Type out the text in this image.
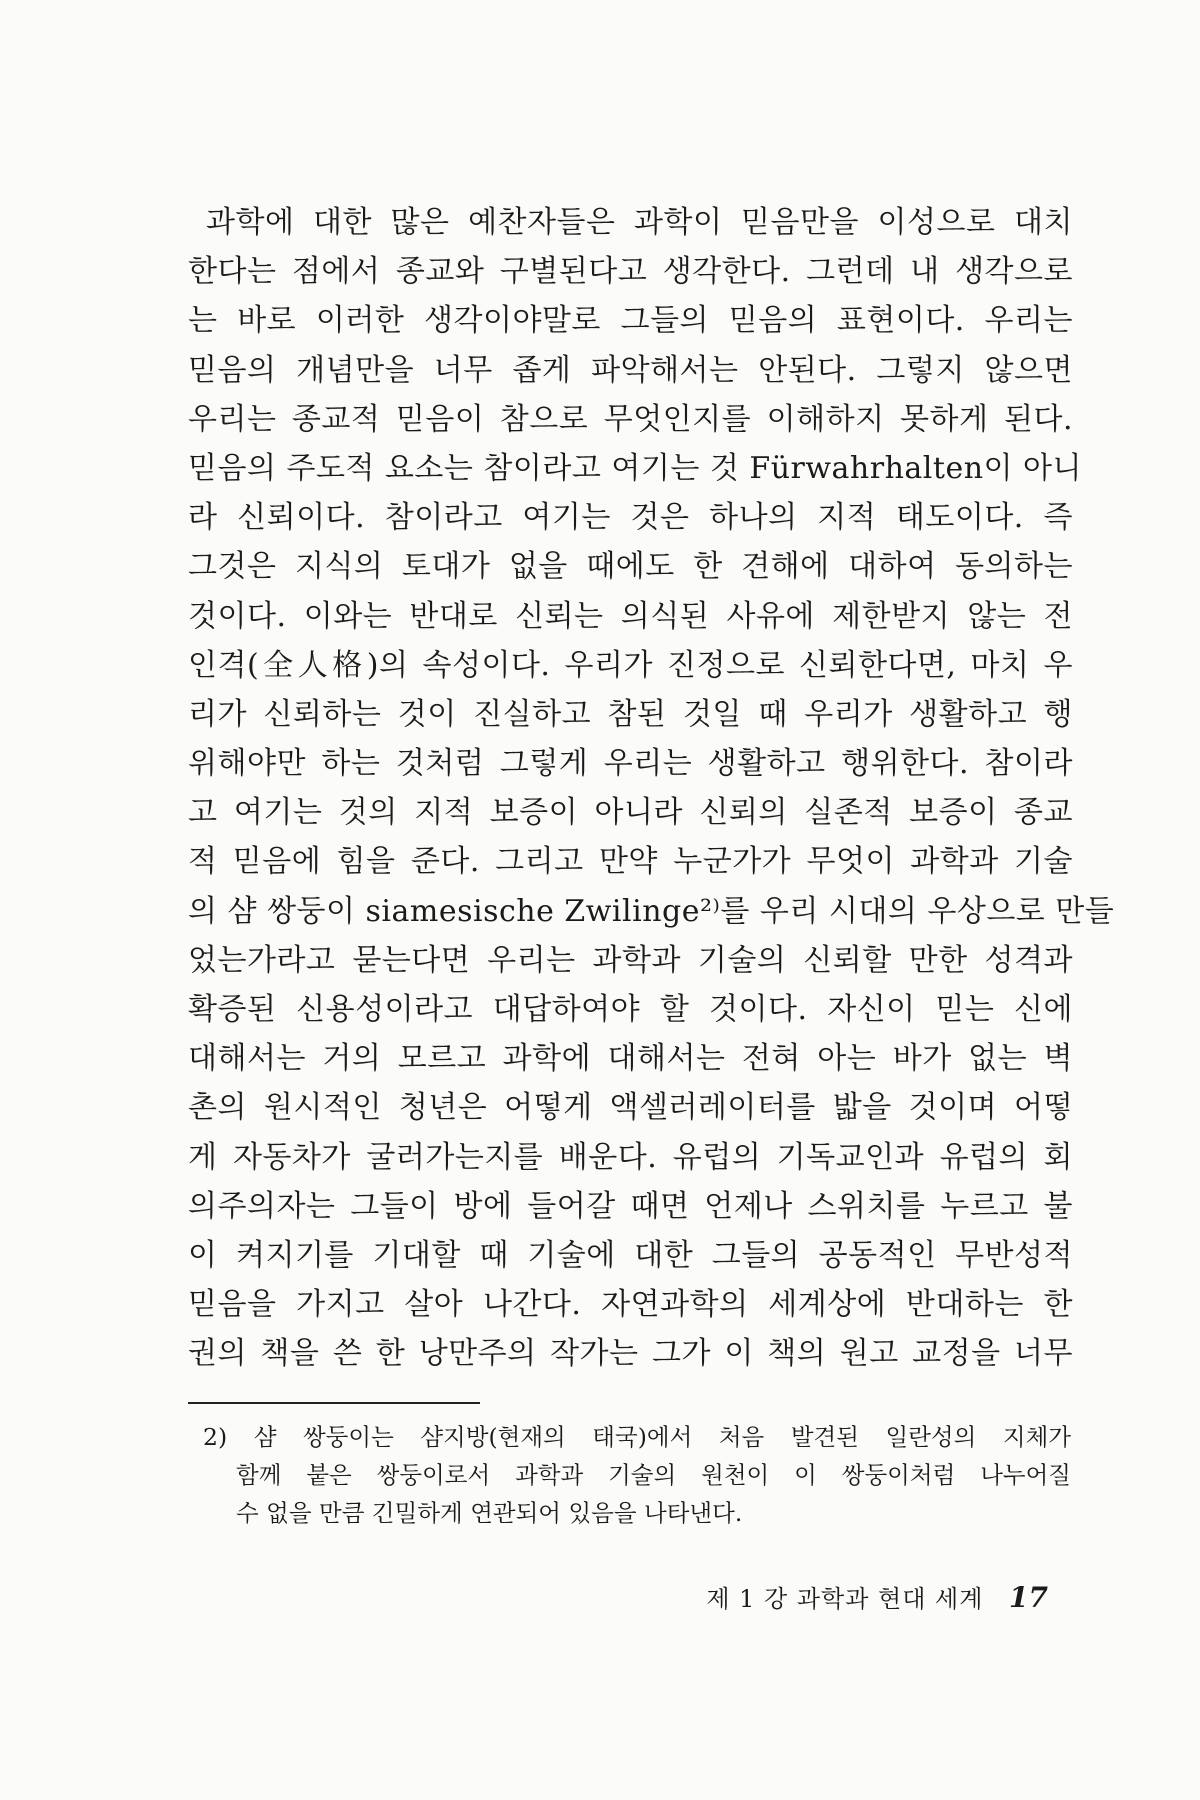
과학에 대한 많은 예찬자들은 과학이 믿음만을 이성으로 대치
한다는 점에서 종교와 구별된다고 생각한다. 그런데 내 생각으로
는 바로 이러한 생각이야말로 그들의 믿음의 표현이다. 우리는
믿음의 개념만을 너무 좁게 파악해서는 안된다. 그렇지 않으면
우리는 종교적 믿음이 참으로 무엇인지를 이해하지 못하게 된다.
믿음의 주도적 요소는 참이라고 여기는 것 Fürwahrhalten이 아니
라 신뢰이다. 참이라고 여기는 것은 하나의 지적 태도이다. 즉
그것은 지식의 토대가 없을 때에도 한 견해에 대하여 동의하는
것이다. 이와는 반대로 신뢰는 의식된 사유에 제한받지 않는 전
인격(全人格)의 속성이다. 우리가 진정으로 신뢰한다면, 마치 우
리가 신뢰하는 것이 진실하고 참된 것일 때 우리가 생활하고 행
위해야만 하는 것처럼 그렇게 우리는 생활하고 행위한다. 참이라
고 여기는 것의 지적 보증이 아니라 신뢰의 실존적 보증이 종교
적 믿음에 힘을 준다. 그리고 만약 누군가가 무엇이 과학과 기술
의 샴 쌍둥이 siamesische Zwilinge²⁾를 우리 시대의 우상으로 만들
었는가라고 묻는다면 우리는 과학과 기술의 신뢰할 만한 성격과
확증된 신용성이라고 대답하여야 할 것이다. 자신이 믿는 신에
대해서는 거의 모르고 과학에 대해서는 전혀 아는 바가 없는 벽
촌의 원시적인 청년은 어떻게 액셀러레이터를 밟을 것이며 어떻
게 자동차가 굴러가는지를 배운다. 유럽의 기독교인과 유럽의 회
의주의자는 그들이 방에 들어갈 때면 언제나 스위치를 누르고 불
이 켜지기를 기대할 때 기술에 대한 그들의 공동적인 무반성적
믿음을 가지고 살아 나간다. 자연과학의 세계상에 반대하는 한
권의 책을 쓴 한 낭만주의 작가는 그가 이 책의 원고 교정을 너무
2) 샴 쌍둥이는 샴지방(현재의 태국)에서 처음 발견된 일란성의 지체가
함께 붙은 쌍둥이로서 과학과 기술의 원천이 이 쌍둥이처럼 나누어질
수 없을 만큼 긴밀하게 연관되어 있음을 나타낸다.
제 1 강 과학과 현대 세계 17
